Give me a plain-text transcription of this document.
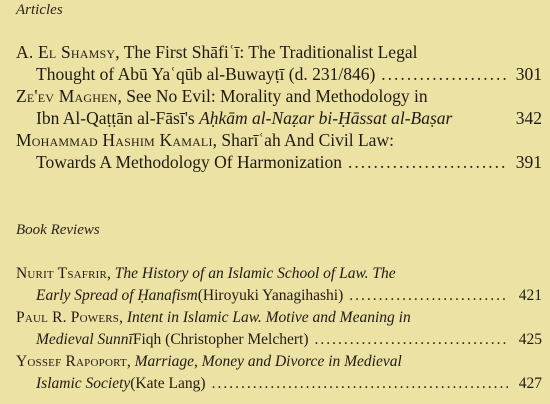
Articles
A. El Shamsy , The First Shāfiʿī: The Traditionalist Legal
Thought of Abū Yaʿqūb al-Buwayṭī (d. 231/846) .....	301
Ze'ev Maghen , See No Evil: Morality and Methodology in
Ibn Al-Qaṭṭān al-Fāsī's
Aḥkām al-Naẓar bi-Ḥāssat al-Baṣar	342
Mohammad Hashim Kamali , Sharīʿah And Civil Law:
Towards A Methodology Of Harmonization .....	391
Book Reviews
Nurit Tsafrir ,
The History of an Islamic School of Law. The
Early Spread of Ḥanafism (Hiroyuki Yanagihashi) .....	421
Paul R. Powers ,
Intent in Islamic Law. Motive and Meaning in
Medieval Sunnī Fiqh (Christopher Melchert) .....	425
Yossef Rapoport ,
Marriage, Money and Divorce in Medieval
Islamic Society (Kate Lang) .....	427
